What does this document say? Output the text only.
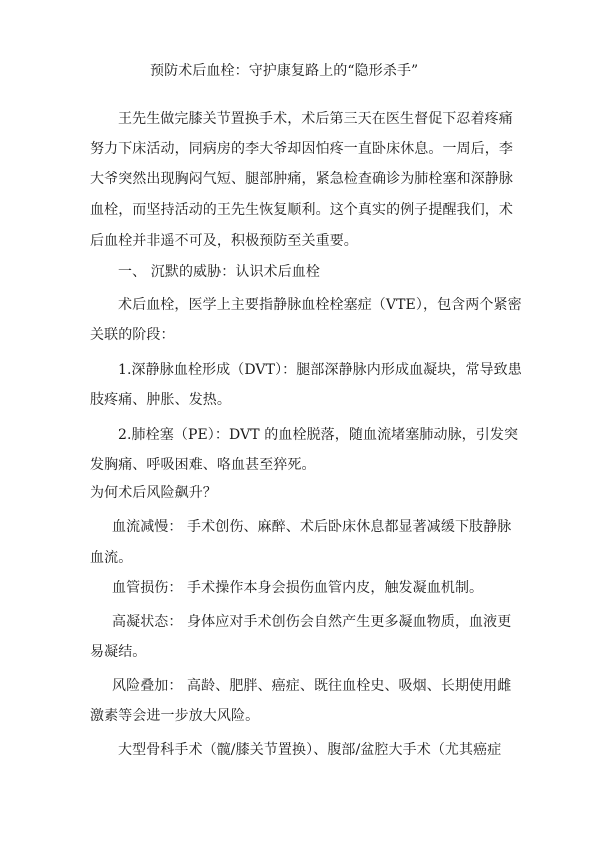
预防术后血栓：守护康复路上的“隐形杀手”
王先生做完膝关节置换手术，术后第三天在医生督促下忍着疼痛
努力下床活动，同病房的李大爷却因怕疼一直卧床休息。一周后，李
大爷突然出现胸闷气短、腿部肿痛，紧急检查确诊为肺栓塞和深静脉
血栓，而坚持活动的王先生恢复顺利。这个真实的例子提醒我们，术
后血栓并非遥不可及，积极预防至关重要。
一、 沉默的威胁：认识术后血栓
术后血栓，医学上主要指静脉血栓栓塞症（VTE），包含两个紧密
关联的阶段：
1.深静脉血栓形成（DVT）：腿部深静脉内形成血凝块，常导致患
肢疼痛、肿胀、发热。
2.肺栓塞（PE）：DVT 的血栓脱落，随血流堵塞肺动脉，引发突
发胸痛、呼吸困难、咯血甚至猝死。
为何术后风险飙升？
血流减慢： 手术创伤、麻醉、术后卧床休息都显著减缓下肢静脉
血流。
血管损伤： 手术操作本身会损伤血管内皮，触发凝血机制。
高凝状态： 身体应对手术创伤会自然产生更多凝血物质，血液更
易凝结。
风险叠加： 高龄、肥胖、癌症、既往血栓史、吸烟、长期使用雌
激素等会进一步放大风险。
大型骨科手术（髋/膝关节置换）、腹部/盆腔大手术（尤其癌症
